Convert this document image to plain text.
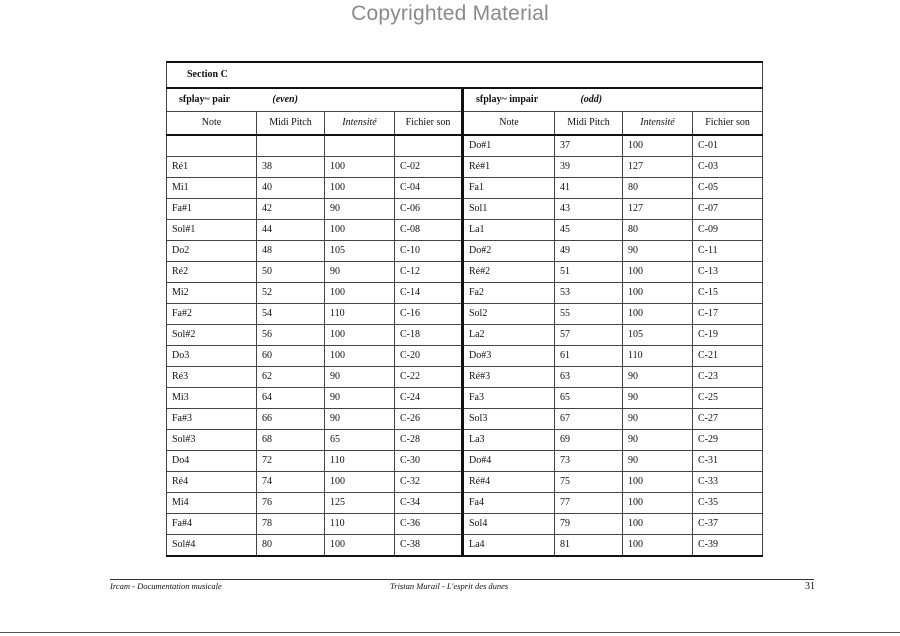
Copyrighted Material
Section C							
sfplay~ pair (even)				sfplay~ impair (odd)			
Note	Midi Pitch	Intensité	Fichier son	Note	Midi Pitch	Intensité	Fichier son
				Do#1	37	100	C-01
Ré1	38	100	C-02	Ré#1	39	127	C-03
Mi1	40	100	C-04	Fa1	41	80	C-05
Fa#1	42	90	C-06	Sol1	43	127	C-07
Sol#1	44	100	C-08	La1	45	80	C-09
Do2	48	105	C-10	Do#2	49	90	C-11
Ré2	50	90	C-12	Ré#2	51	100	C-13
Mi2	52	100	C-14	Fa2	53	100	C-15
Fa#2	54	110	C-16	Sol2	55	100	C-17
Sol#2	56	100	C-18	La2	57	105	C-19
Do3	60	100	C-20	Do#3	61	110	C-21
Ré3	62	90	C-22	Ré#3	63	90	C-23
Mi3	64	90	C-24	Fa3	65	90	C-25
Fa#3	66	90	C-26	Sol3	67	90	C-27
Sol#3	68	65	C-28	La3	69	90	C-29
Do4	72	110	C-30	Do#4	73	90	C-31
Ré4	74	100	C-32	Ré#4	75	100	C-33
Mi4	76	125	C-34	Fa4	77	100	C-35
Fa#4	78	110	C-36	Sol4	79	100	C-37
Sol#4	80	100	C-38	La4	81	100	C-39
Ircam - Documentation musicale	Tristan Murail - L'esprit des dunes	31
